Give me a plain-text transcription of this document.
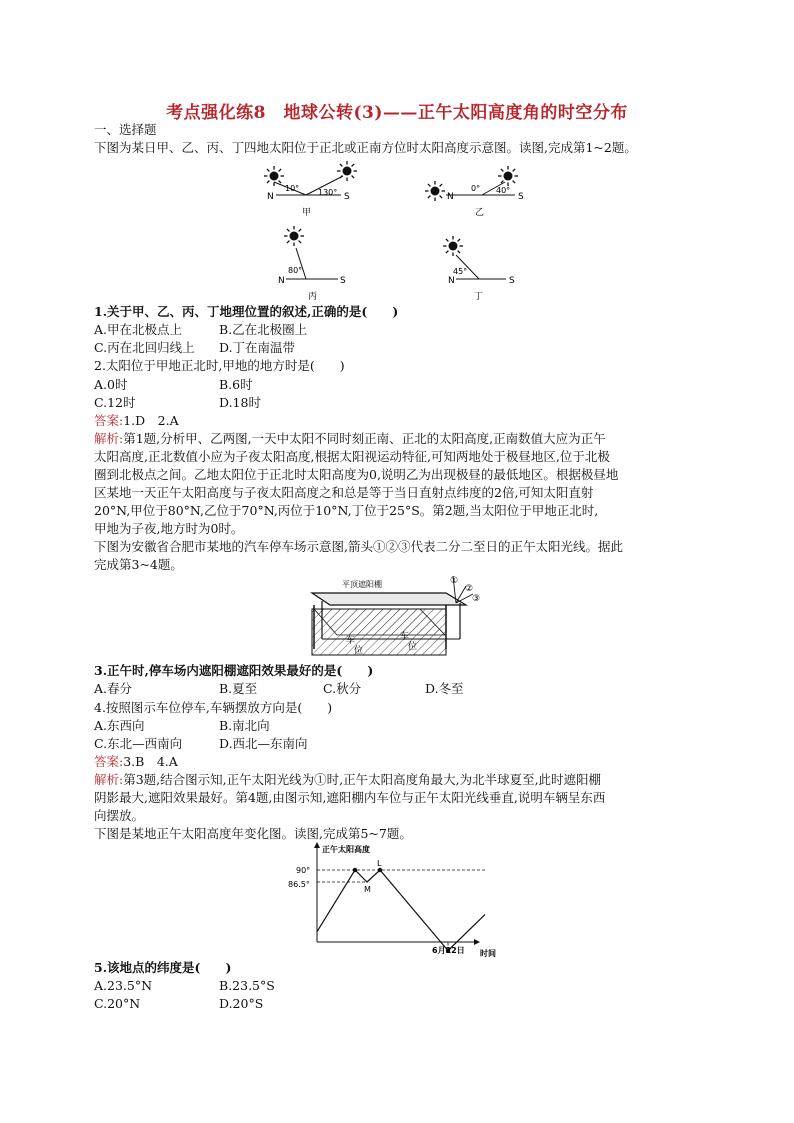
考点强化练8　地球公转(3)——正午太阳高度角的时空分布
一、选择题
下图为某日甲、乙、丙、丁四地太阳位于正北或正南方位时太阳高度示意图。读图,完成第1~2题。
N	S
10° 130°
甲
N	S
0° 40°
乙
N	S
80°
丙
N	S
45°
丁
1.关于甲、乙、丙、丁地理位置的叙述,正确的是(　　)
A.甲在北极点上	B.乙在北极圈上
C.丙在北回归线上 D.丁在南温带
2.太阳位于甲地正北时,甲地的地方时是(　　)
A.0时	B.6时
C.12时	D.18时
答案:1.D　2.A
解析:第1题,分析甲、乙两图,一天中太阳不同时刻正南、正北的太阳高度,正南数值大应为正午
太阳高度,正北数值小应为子夜太阳高度,根据太阳视运动特征,可知两地处于极昼地区,位于北极
圈到北极点之间。乙地太阳位于正北时太阳高度为0,说明乙为出现极昼的最低地区。根据极昼地
区某地一天正午太阳高度与子夜太阳高度之和总是等于当日直射点纬度的2倍,可知太阳直射
20°N,甲位于80°N,乙位于70°N,丙位于10°N,丁位于25°S。第2题,当太阳位于甲地正北时,
甲地为子夜,地方时为0时。
下图为安徽省合肥市某地的汽车停车场示意图,箭头①②③代表二分二至日的正午太阳光线。据此
完成第3~4题。
平顶遮阳棚	①
②
③
车
位
车
位
3.正午时,停车场内遮阳棚遮阳效果最好的是(　　)
A.春分	B.夏至	C.秋分	D.冬至
4.按照图示车位停车,车辆摆放方向是(　　)
A.东西向	B.南北向
C.东北—西南向	D.西北—东南向
答案:3.B　4.A
解析:第3题,结合图示知,正午太阳光线为①时,正午太阳高度角最大,为北半球夏至,此时遮阳棚
阴影最大,遮阳效果最好。第4题,由图示知,遮阳棚内车位与正午太阳光线垂直,说明车辆呈东西
向摆放。
下图是某地正午太阳高度年变化图。读图,完成第5~7题。
正午太阳高度
时间
90°
86.5°
6月22日
L
M
5.该地点的纬度是(　　)
A.23.5°N	B.23.5°S
C.20°N	D.20°S
